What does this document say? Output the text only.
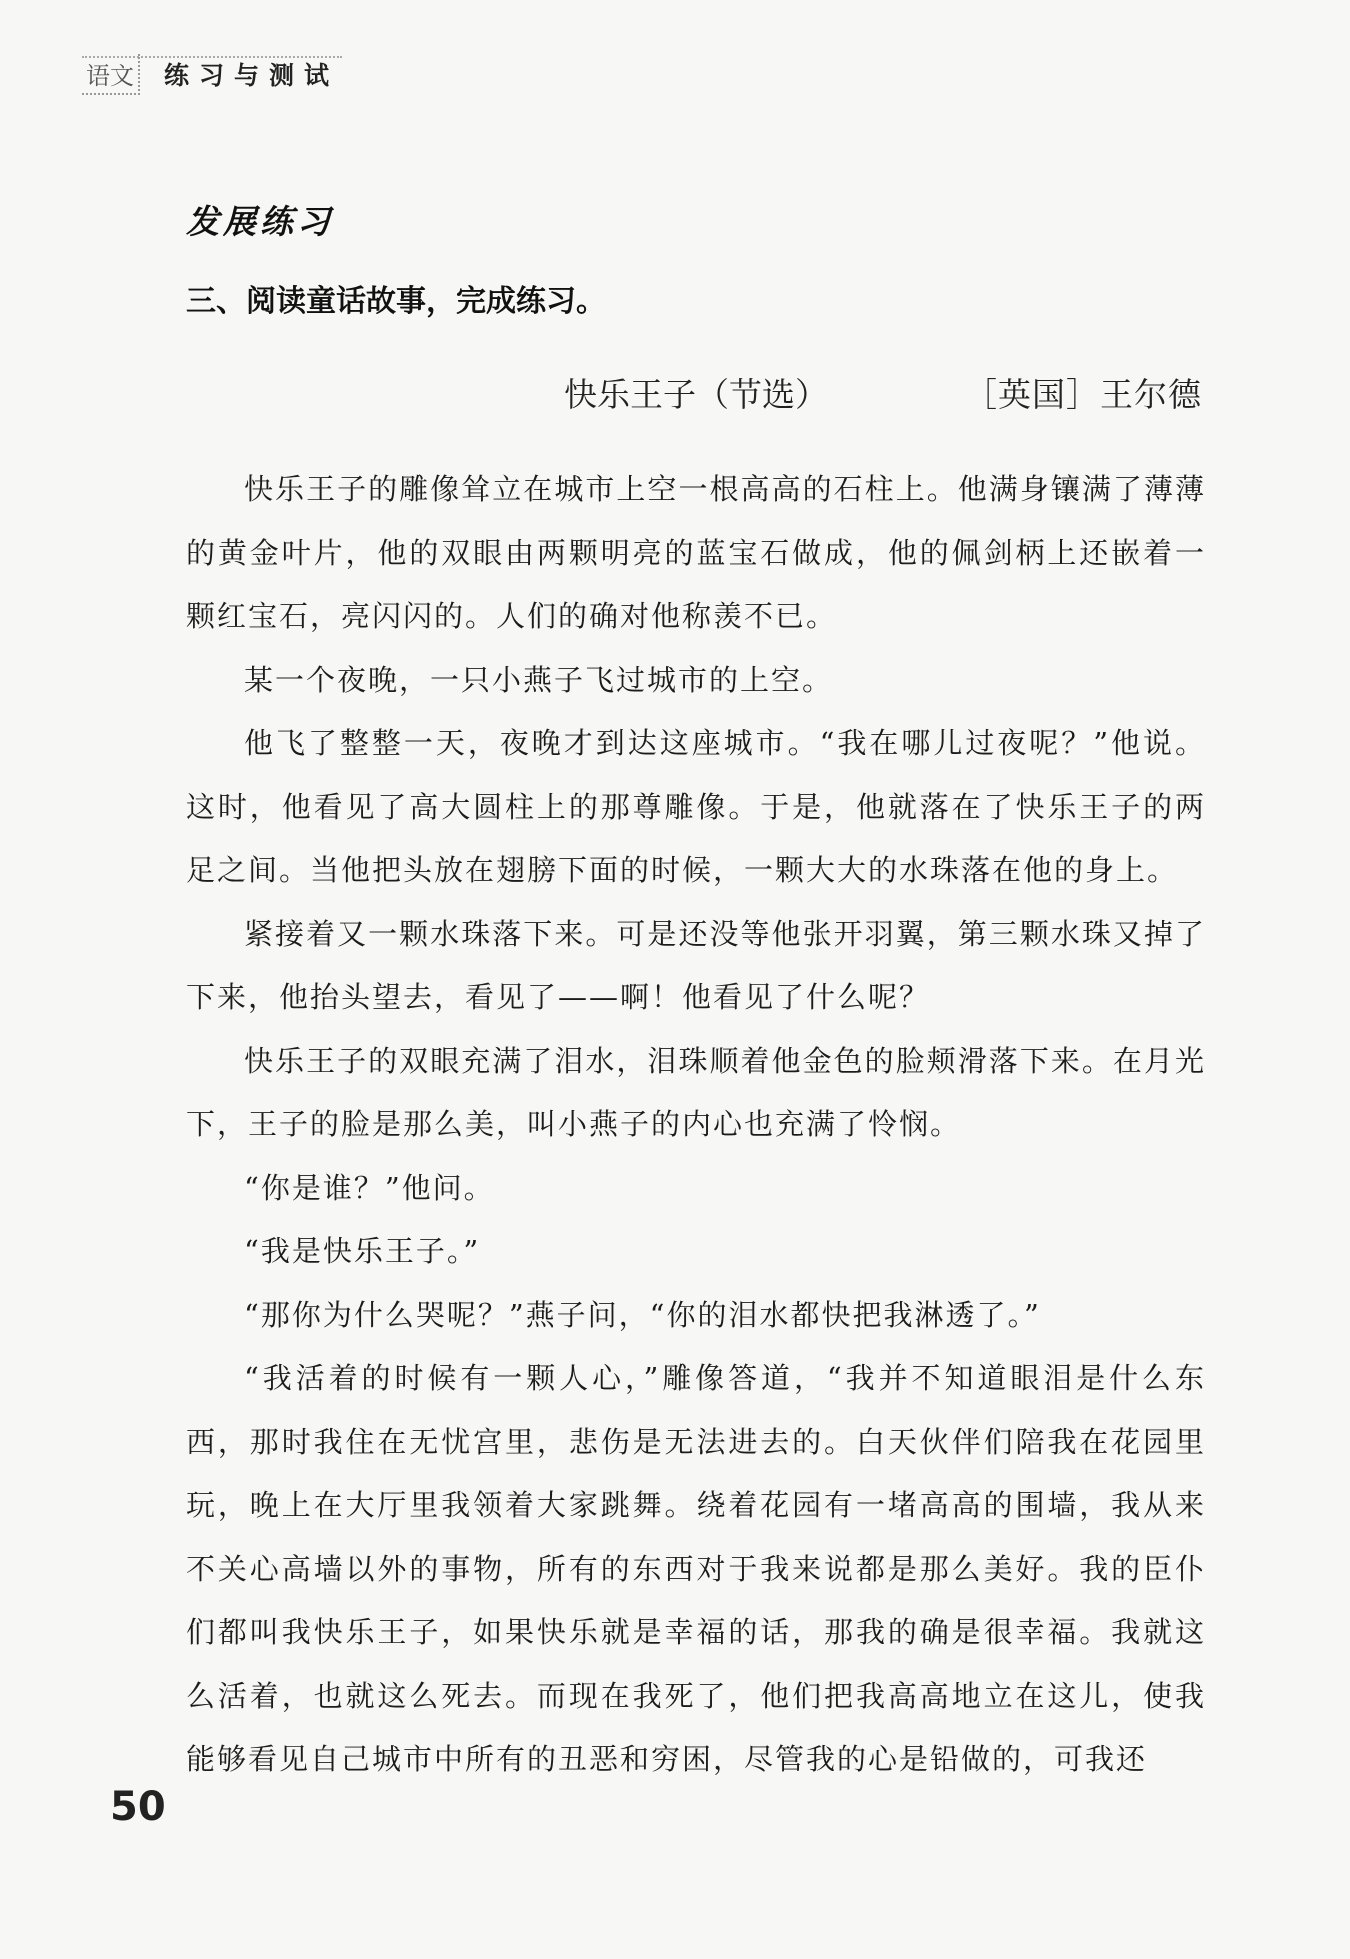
语文 练习与测试
发展练习
三、阅读童话故事，完成练习。
快乐王子（节选）	［英国］王尔德

快乐王子的雕像耸立在城市上空一根高高的石柱上。他满身镶满了薄薄的黄金叶片，他的双眼由两颗明亮的蓝宝石做成，他的佩剑柄上还嵌着一颗红宝石，亮闪闪的。人们的确对他称羡不已。

某一个夜晚，一只小燕子飞过城市的上空。

他飞了整整一天，夜晚才到达这座城市。“我在哪儿过夜呢？”他说。这时，他看见了高大圆柱上的那尊雕像。于是，他就落在了快乐王子的两足之间。当他把头放在翅膀下面的时候，一颗大大的水珠落在他的身上。

紧接着又一颗水珠落下来。可是还没等他张开羽翼，第三颗水珠又掉了下来，他抬头望去，看见了——啊！他看见了什么呢？

快乐王子的双眼充满了泪水，泪珠顺着他金色的脸颊滑落下来。在月光下，王子的脸是那么美，叫小燕子的内心也充满了怜悯。

“你是谁？”他问。

“我是快乐王子。”

“那你为什么哭呢？”燕子问，“你的泪水都快把我淋透了。”

“我活着的时候有一颗人心，”雕像答道，“我并不知道眼泪是什么东西，那时我住在无忧宫里，悲伤是无法进去的。白天伙伴们陪我在花园里玩，晚上在大厅里我领着大家跳舞。绕着花园有一堵高高的围墙，我从来不关心高墙以外的事物，所有的东西对于我来说都是那么美好。我的臣仆们都叫我快乐王子，如果快乐就是幸福的话，那我的确是很幸福。我就这么活着，也就这么死去。而现在我死了，他们把我高高地立在这儿，使我能够看见自己城市中所有的丑恶和穷困，尽管我的心是铅做的，可我还

50
